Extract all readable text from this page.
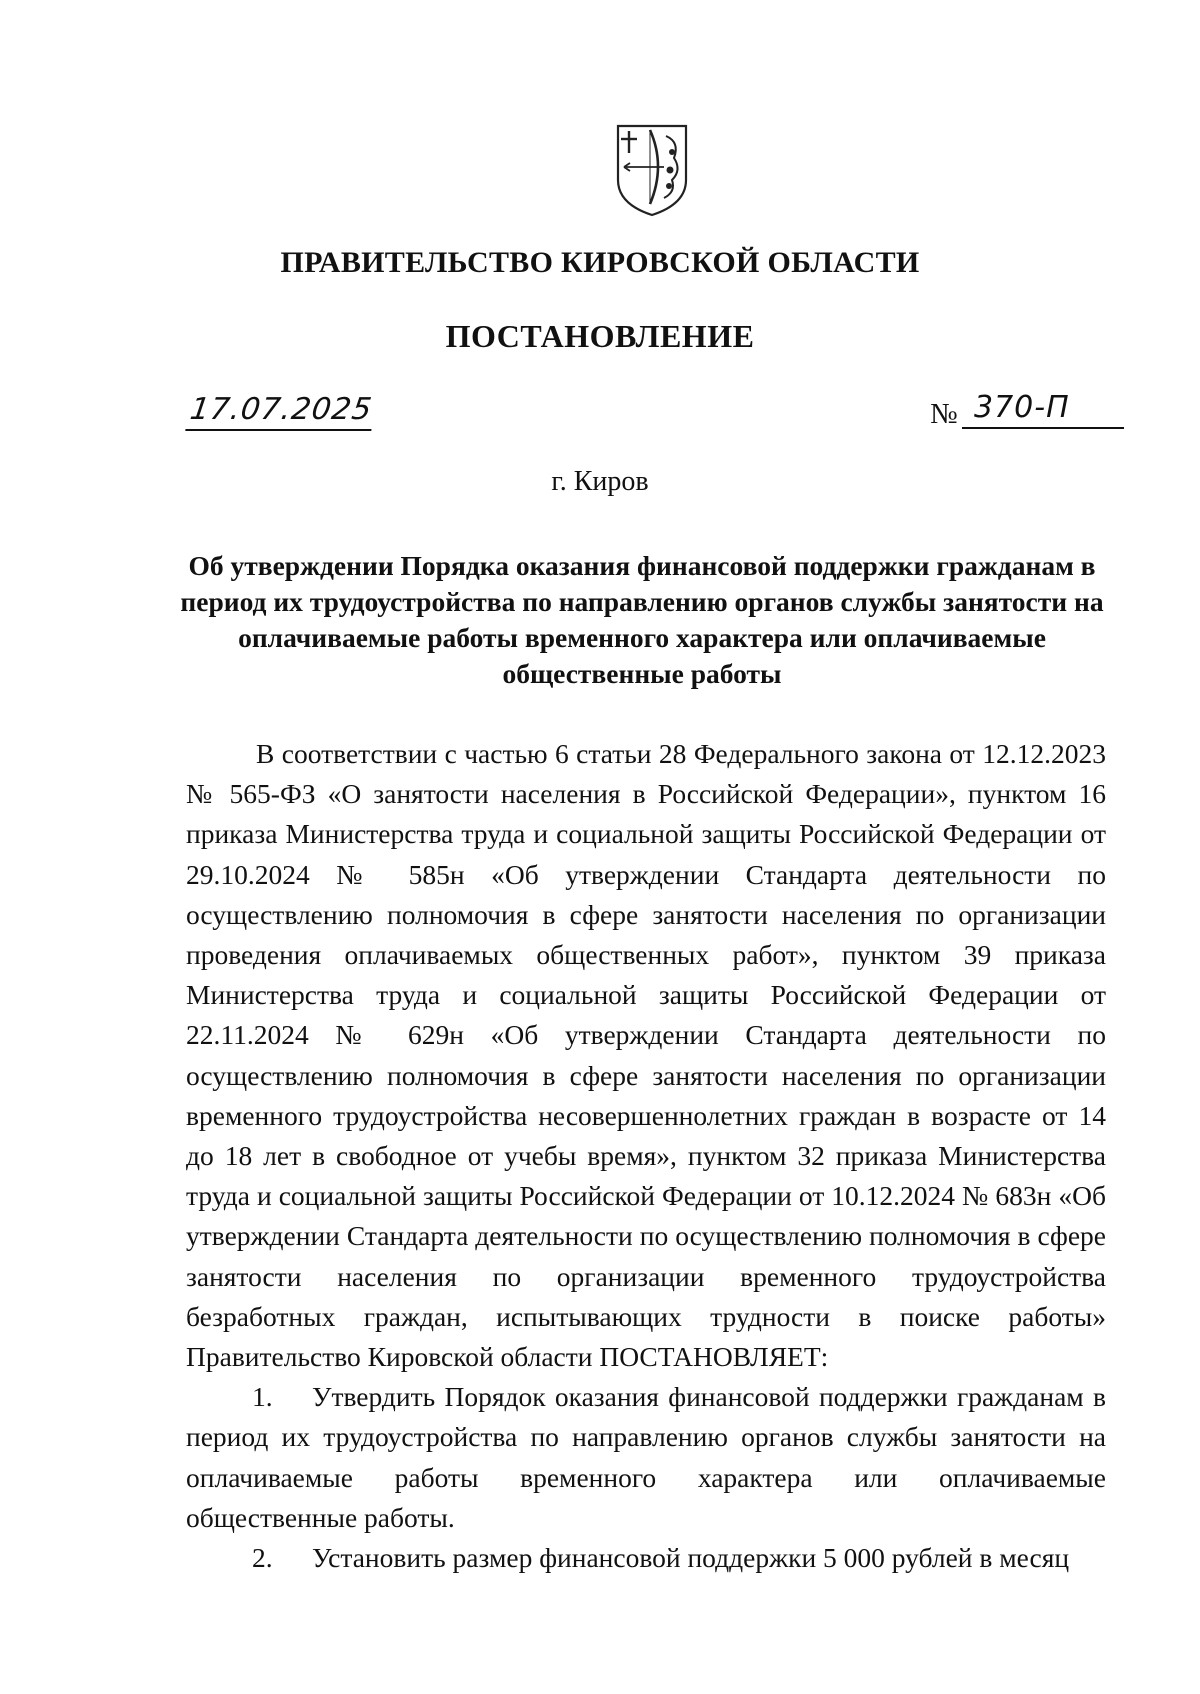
ПРАВИТЕЛЬСТВО КИРОВСКОЙ ОБЛАСТИ
ПОСТАНОВЛЕНИЕ
17.07.2025	№ 370-П
г. Киров
Об утверждении Порядка оказания финансовой поддержки гражданам в период их трудоустройства по направлению органов службы занятости на оплачиваемые работы временного характера или оплачиваемые общественные работы

В соответствии с частью 6 статьи 28 Федерального закона от 12.12.2023 № 565-ФЗ «О занятости населения в Российской Федерации», пунктом 16 приказа Министерства труда и социальной защиты Российской Федерации от 29.10.2024 № 585н «Об утверждении Стандарта деятельности по осуществлению полномочия в сфере занятости населения по организации проведения оплачиваемых общественных работ», пунктом 39 приказа Министерства труда и социальной защиты Российской Федерации от 22.11.2024 № 629н «Об утверждении Стандарта деятельности по осуществлению полномочия в сфере занятости населения по организации временного трудоустройства несовершеннолетних граждан в возрасте от 14 до 18 лет в свободное от учебы время», пунктом 32 приказа Министерства труда и социальной защиты Российской Федерации от 10.12.2024 № 683н «Об утверждении Стандарта деятельности по осуществлению полномочия в сфере занятости населения по организации временного трудоустройства безработных граждан, испытывающих трудности в поиске работы» Правительство Кировской области ПОСТАНОВЛЯЕТ:

1. Утвердить Порядок оказания финансовой поддержки гражданам в период их трудоустройства по направлению органов службы занятости на оплачиваемые работы временного характера или оплачиваемые общественные работы.

2. Установить размер финансовой поддержки 5 000 рублей в месяц
